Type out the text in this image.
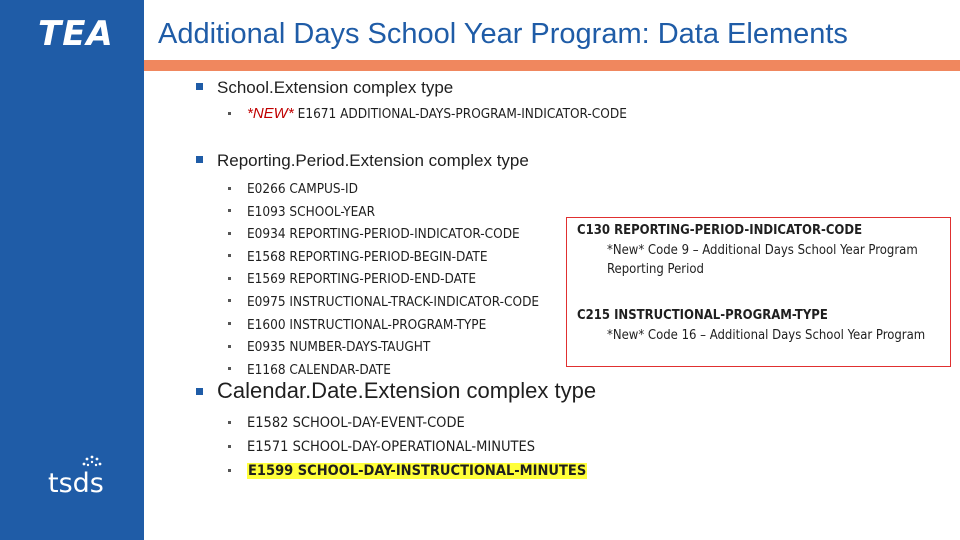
TEA
tsds
Additional Days School Year Program: Data Elements
School.Extension complex type
*NEW* E1671 ADDITIONAL-DAYS-PROGRAM-INDICATOR-CODE
Reporting.Period.Extension complex type
E0266 CAMPUS-ID
E1093 SCHOOL-YEAR
E0934 REPORTING-PERIOD-INDICATOR-CODE
E1568 REPORTING-PERIOD-BEGIN-DATE
E1569 REPORTING-PERIOD-END-DATE
E0975 INSTRUCTIONAL-TRACK-INDICATOR-CODE
E1600 INSTRUCTIONAL-PROGRAM-TYPE
E0935 NUMBER-DAYS-TAUGHT
E1168 CALENDAR-DATE
C130 REPORTING-PERIOD-INDICATOR-CODE
*New* Code 9 – Additional Days School Year Program Reporting Period
C215 INSTRUCTIONAL-PROGRAM-TYPE
*New* Code 16 – Additional Days School Year Program
Calendar.Date.Extension complex type
E1582 SCHOOL-DAY-EVENT-CODE
E1571 SCHOOL-DAY-OPERATIONAL-MINUTES
E1599 SCHOOL-DAY-INSTRUCTIONAL-MINUTES
